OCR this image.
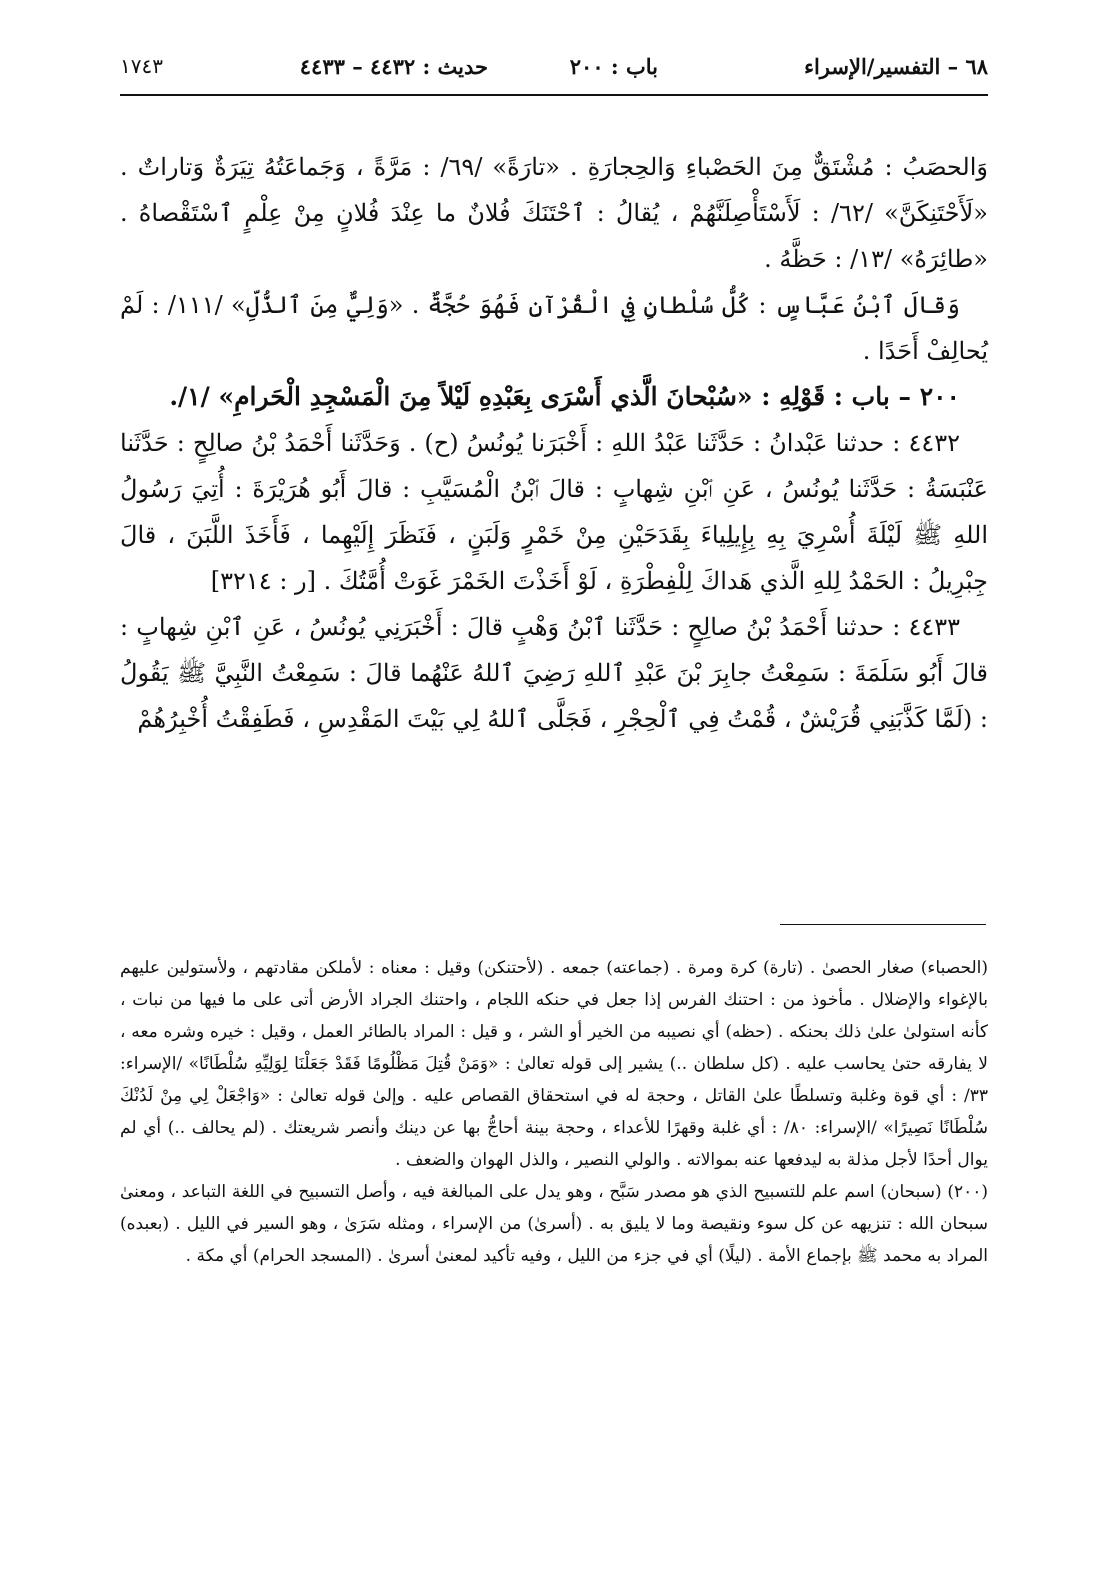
٦٨ – التفسير/الإسراء
باب : ٢٠٠
حديث : ٤٤٣٢ – ٤٤٣٣
١٧٤٣

وَالحصَبُ : مُشْتَقٌّ مِنَ الحَصْباءِ وَالحِجارَةِ . «تارَةً» /٦٩/ : مَرَّةً ، وَجَماعَتُهُ تِيَرَةٌ وَتاراتٌ . «لَأَحْتَنِكَنَّ» /٦٢/ : لَأَسْتَأْصِلَنَّهُمْ ، يُقالُ : ٱحْتَنَكَ فُلانٌ ما عِنْدَ فُلانٍ مِنْ عِلْمٍ ٱسْتَقْصاهُ . «طائِرَهُ» /١٣/ : حَظَّهُ .

وَقالَ ٱبْنُ عَبَّاسٍ : كُلُّ سُلْطانٍ فِي الْقُرْآنِ فَهُوَ حُجَّةٌ . «وَلِيٌّ مِنَ ٱلذُّلِّ» /١١١/ : لَمْ يُحالِفْ أَحَدًا .

٢٠٠ – باب : قَوْلِهِ : «سُبْحانَ الَّذي أَسْرَى بِعَبْدِهِ لَيْلاً مِنَ الْمَسْجِدِ الْحَرامِ» /١/.

٤٤٣٢ : حدثنا عَبْدانُ : حَدَّثَنا عَبْدُ اللهِ : أَخْبَرَنا يُونُسُ (ح) . وَحَدَّثَنا أَحْمَدُ بْنُ صالِحٍ : حَدَّثَنا عَنْبَسَةُ : حَدَّثَنا يُونُسُ ، عَنِ ٱبْنِ شِهابٍ : قالَ ٱبْنُ الْمُسَيَّبِ : قالَ أَبُو هُرَيْرَةَ : أُتِيَ رَسُولُ اللهِ ﷺ لَيْلَةَ أُسْرِيَ بِهِ بِإِيلِياءَ بِقَدَحَيْنِ مِنْ خَمْرٍ وَلَبَنٍ ، فَنَظَرَ إِلَيْهِما ، فَأَخَذَ اللَّبَنَ ، قالَ جِبْرِيلُ : الحَمْدُ لِلهِ الَّذي هَداكَ لِلْفِطْرَةِ ، لَوْ أَخَذْتَ الخَمْرَ غَوَتْ أُمَّتُكَ . [ر : ٣٢١٤]

٤٤٣٣ : حدثنا أَحْمَدُ بْنُ صالِحٍ : حَدَّثَنا ٱبْنُ وَهْبٍ قالَ : أَخْبَرَنِي يُونُسُ ، عَنِ ٱبْنِ شِهابٍ : قالَ أَبُو سَلَمَةَ : سَمِعْتُ جابِرَ بْنَ عَبْدِ ٱللهِ رَضِيَ ٱللهُ عَنْهُما قالَ : سَمِعْتُ النَّبِيَّ ﷺ يَقُولُ : (لَمَّا كَذَّبَنِي قُرَيْشٌ ، قُمْتُ فِي ٱلْحِجْرِ ، فَجَلَّى ٱللهُ لِي بَيْتَ المَقْدِسِ ، فَطَفِقْتُ أُخْبِرُهُمْ

(الحصباء) صغار الحصىٰ . (تارة) كرة ومرة . (جماعته) جمعه . (لأحتنكن) وقيل : معناه : لأملكن مقادتهم ، ولأستولين عليهم بالإغواء والإضلال . مأخوذ من : احتنك الفرس إذا جعل في حنكه اللجام ، واحتنك الجراد الأرض أتى على ما فيها من نبات ، كأنه استولىٰ علىٰ ذلك بحنكه . (حظه) أي نصيبه من الخير أو الشر ، و قيل : المراد بالطائر العمل ، وقيل : خيره وشره معه ، لا يفارقه حتىٰ يحاسب عليه . (كل سلطان ..) يشير إلى قوله تعالىٰ : «وَمَنْ قُتِلَ مَظْلُومًا فَقَدْ جَعَلْنَا لِوَلِيِّهِ سُلْطَانًا» /الإسراء: ٣٣/ : أي قوة وغلبة وتسلطًا علىٰ القاتل ، وحجة له في استحقاق القصاص عليه . وإلىٰ قوله تعالىٰ : «وَاجْعَلْ لِي مِنْ لَدُنْكَ سُلْطَانًا نَصِيرًا» /الإسراء: ٨٠/ : أي غلبة وقهرًا للأعداء ، وحجة بينة أحاجُّ بها عن دينك وأنصر شريعتك . (لم يحالف ..) أي لم يوال أحدًا لأجل مذلة به ليدفعها عنه بموالاته . والولي النصير ، والذل الهوان والضعف .

(٢٠٠) (سبحان) اسم علم للتسبيح الذي هو مصدر سَبَّح ، وهو يدل على المبالغة فيه ، وأصل التسبيح في اللغة التباعد ، ومعنىٰ سبحان الله : تنزيهه عن كل سوء ونقيصة وما لا يليق به . (أسرىٰ) من الإسراء ، ومثله سَرَىٰ ، وهو السير في الليل . (بعبده) المراد به محمد ﷺ بإجماع الأمة . (ليلًا) أي في جزء من الليل ، وفيه تأكيد لمعنىٰ أسرىٰ . (المسجد الحرام) أي مكة .
